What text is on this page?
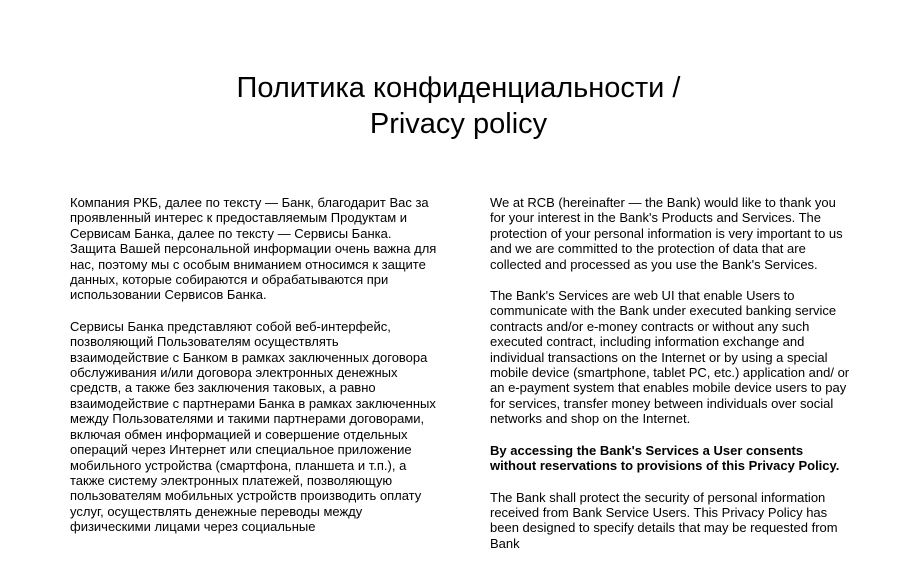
Политика конфиденциальности /
Privacy policy

Компания РКБ, далее по тексту — Банк, благодарит Вас за проявленный интерес к предоставляемым Продуктам и Сервисам Банка, далее по тексту — Сервисы Банка. Защита Вашей персональной информации очень важна для нас, поэтому мы с особым вниманием относимся к защите данных, которые собираются и обрабатываются при использовании Сервисов Банка.

Сервисы Банка представляют собой веб-интерфейс, позволяющий Пользователям осуществлять взаимодействие с Банком в рамках заключенных договора обслуживания и/или договора электронных денежных средств, а также без заключения таковых, а равно взаимодействие с партнерами Банка в рамках заключенных между Пользователями и такими партнерами договорами, включая обмен информацией и совершение отдельных операций через Интернет или специальное приложение мобильного устройства (смартфона, планшета и т.п.), а также систему электронных платежей, позволяющую пользователям мобильных устройств производить оплату услуг, осуществлять денежные переводы между физическими лицами через социальные

We at RCB (hereinafter — the Bank) would like to thank you for your interest in the Bank's Products and Services. The protection of your personal information is very important to us and we are committed to the protection of data that are collected and processed as you use the Bank's Services.

The Bank's Services are web UI that enable Users to communicate with the Bank under executed banking service contracts and/or e-money contracts or without any such executed contract, including information exchange and individual transactions on the Internet or by using a special mobile device (smartphone, tablet PC, etc.) application and/ or an e-payment system that enables mobile device users to pay for services, transfer money between individuals over social networks and shop on the Internet.

By accessing the Bank's Services a User consents without reservations to provisions of this Privacy Policy.

The Bank shall protect the security of personal information received from Bank Service Users. This Privacy Policy has been designed to specify details that may be requested from Bank
